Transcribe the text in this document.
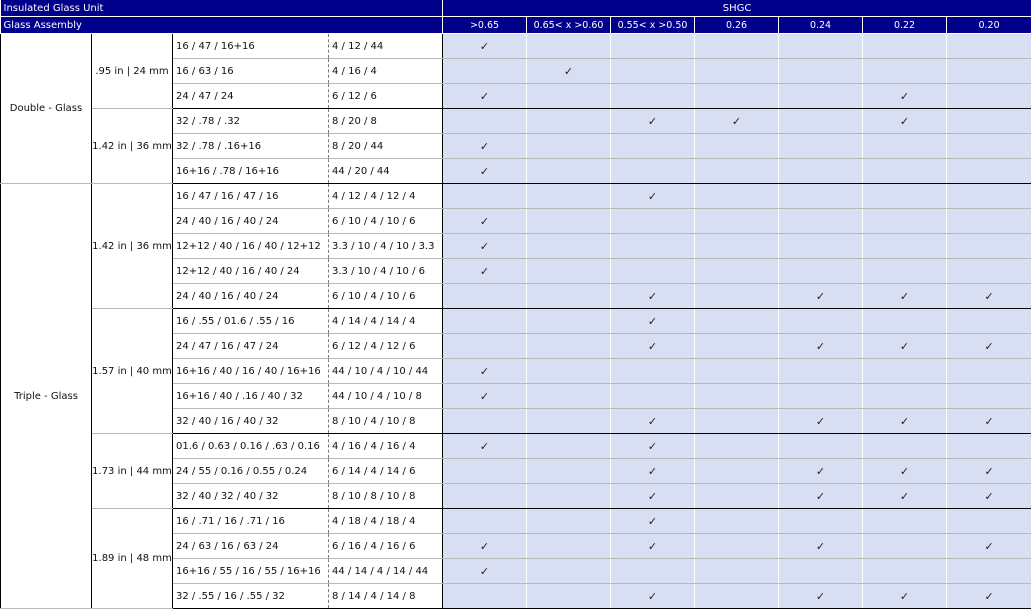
Insulated Glass Unit				SHGC						
Glass Assembly				>0.65	0.65< x >0.60	0.55< x >0.50	0.26	0.24	0.22	0.20
Double - Glass	.95 in | 24 mm	16 / 47 / 16+16	4 / 12 / 44	✓						
		16 / 63 / 16	4 / 16 / 4		✓					
		24 / 47 / 24	6 / 12 / 6	✓					✓	
	1.42 in | 36 mm	32 / .78 / .32	8 / 20 / 8			✓	✓		✓	
		32 / .78 / .16+16	8 / 20 / 44	✓						
		16+16 / .78 / 16+16	44 / 20 / 44	✓						
Triple - Glass	1.42 in | 36 mm	16 / 47 / 16 / 47 / 16	4 / 12 / 4 / 12 / 4			✓				
		24 / 40 / 16 / 40 / 24	6 / 10 / 4 / 10 / 6	✓						
		12+12 / 40 / 16 / 40 / 12+12	3.3 / 10 / 4 / 10 / 3.3	✓						
		12+12 / 40 / 16 / 40 / 24	3.3 / 10 / 4 / 10 / 6	✓						
		24 / 40 / 16 / 40 / 24	6 / 10 / 4 / 10 / 6			✓		✓	✓	✓
	1.57 in | 40 mm	16 / .55 / 01.6 / .55 / 16	4 / 14 / 4 / 14 / 4			✓				
		24 / 47 / 16 / 47 / 24	6 / 12 / 4 / 12 / 6			✓		✓	✓	✓
		16+16 / 40 / 16 / 40 / 16+16	44 / 10 / 4 / 10 / 44	✓						
		16+16 / 40 / .16 / 40 / 32	44 / 10 / 4 / 10 / 8	✓						
		32 / 40 / 16 / 40 / 32	8 / 10 / 4 / 10 / 8			✓		✓	✓	✓
	1.73 in | 44 mm	01.6 / 0.63 / 0.16 / .63 / 0.16	4 / 16 / 4 / 16 / 4	✓		✓				
		24 / 55 / 0.16 / 0.55 / 0.24	6 / 14 / 4 / 14 / 6			✓		✓	✓	✓
		32 / 40 / 32 / 40 / 32	8 / 10 / 8 / 10 / 8			✓		✓	✓	✓
	1.89 in | 48 mm	16 / .71 / 16 / .71 / 16	4 / 18 / 4 / 18 / 4			✓				
		24 / 63 / 16 / 63 / 24	6 / 16 / 4 / 16 / 6	✓		✓		✓		✓
		16+16 / 55 / 16 / 55 / 16+16	44 / 14 / 4 / 14 / 44	✓						
		32 / .55 / 16 / .55 / 32	8 / 14 / 4 / 14 / 8			✓		✓	✓	✓
